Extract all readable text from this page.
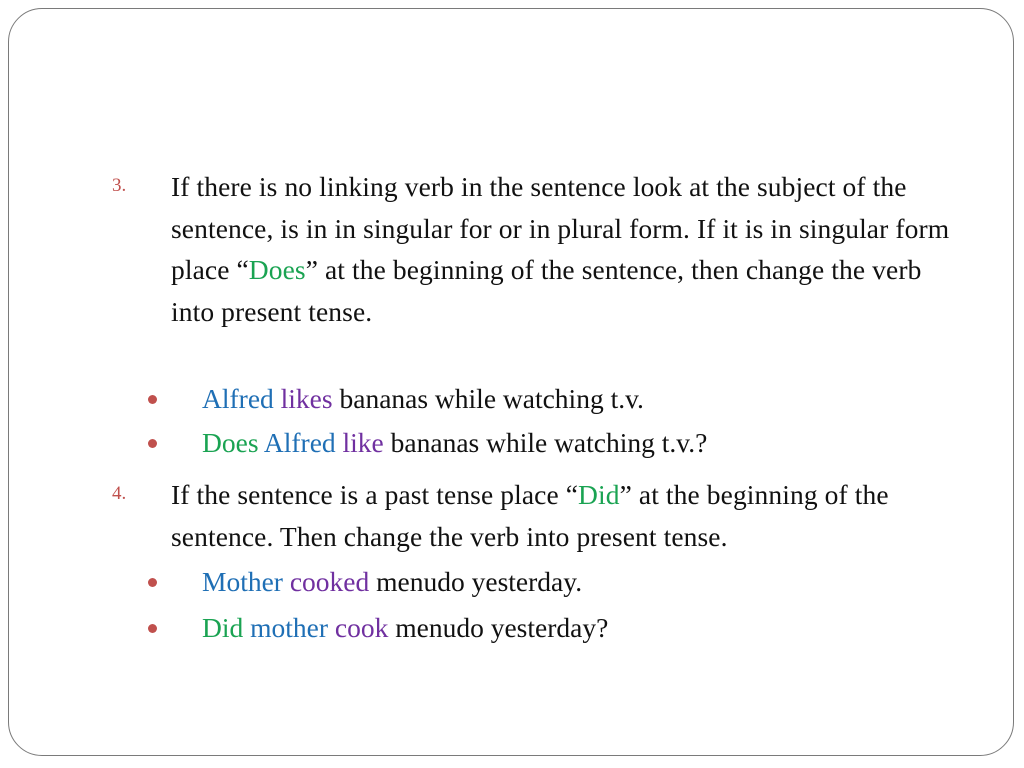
3. If there is no linking verb in the sentence look at the subject of the sentence, is in in singular for or in plural form. If it is in singular form place “Does” at the beginning of the sentence, then change the verb into present tense.
Alfred likes bananas while watching t.v.
Does Alfred like bananas while watching t.v.?
4. If the sentence is a past tense place “Did” at the beginning of the sentence. Then change the verb into present tense.
Mother cooked menudo yesterday.
Did mother cook menudo yesterday?
